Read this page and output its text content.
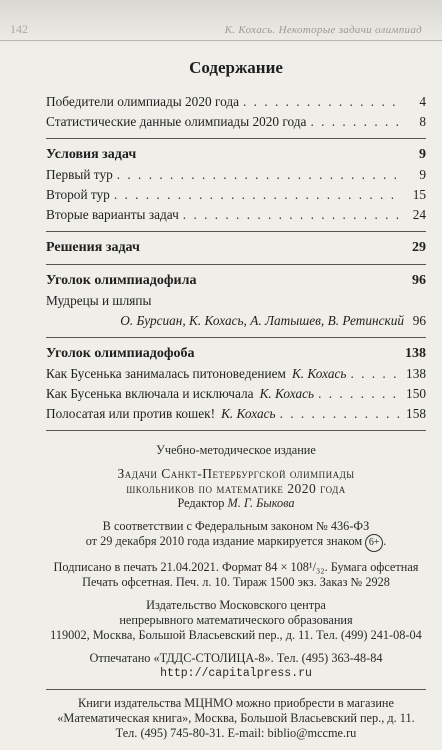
142	К. Кохась. Некоторые задачи олимпиад
Содержание
Победители олимпиады 2020 года . . .	4
Статистические данные олимпиады 2020 года . . .	8
Условия задач	9
Первый тур . . .	9
Второй тур . . .	15
Вторые варианты задач . . .	24
Решения задач	29
Уголок олимпиадофила	96
Мудрецы и шляпы
О. Бурсиан, К. Кохась, А. Латышев, В. Ретинский 96
Уголок олимпиадофоба	138
Как Бусенька занималась питоноведением К. Кохась . . .	138
Как Бусенька включала и исключала К. Кохась . . .	150
Полосатая или против кошек! К. Кохась . . .	158
Учебно-методическое издание
Задачи Санкт-Петербургской олимпиады
школьников по математике 2020 года
Редактор М. Г. Быкова
В соответствии с Федеральным законом № 436-ФЗ
от 29 декабря 2010 года издание маркируется знаком 6+ .
Подписано в печать 21.04.2021. Формат 84 × 108¹/₃₂. Бумага офсетная
Печать офсетная. Печ. л. 10. Тираж 1500 экз. Заказ № 2928
Издательство Московского центра
непрерывного математического образования
119002, Москва, Большой Власьевский пер., д. 11. Тел. (499) 241-08-04
Отпечатано «ТДДС-СТОЛИЦА-8». Тел. (495) 363-48-84
http://capitalpress.ru
Книги издательства МЦНМО можно приобрести в магазине
«Математическая книга», Москва, Большой Власьевский пер., д. 11.
Тел. (495) 745-80-31. E-mail: biblio@mccme.ru
